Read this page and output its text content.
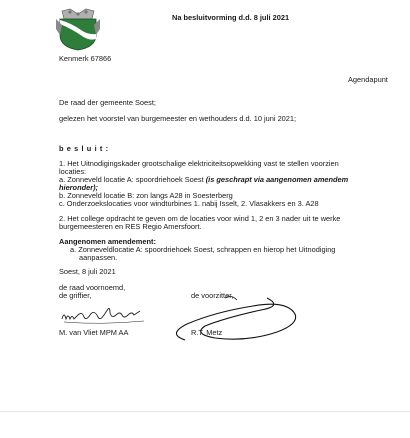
Na besluitvorming d.d. 8 juli 2021
Kenmerk 67866
Agendapunt
De raad der gemeente Soest;
gelezen het voorstel van burgemeester en wethouders d.d. 10 juni 2021;
b e s l u i t :
1. Het Uitnodigingskader grootschalige elektriciteitsopwekking vast te stellen voorzien
locaties:
a. Zonneveld locatie A: spoordriehoek Soest (is geschrapt via aangenomen amendem
hieronder);
b. Zonneveld locatie B: zon langs A28 in Soesterberg
c. Onderzoekslocaties voor windturbines 1. nabij Isselt, 2. Vlasakkers en 3. A28
2. Het college opdracht te geven om de locaties voor wind 1, 2 en 3 nader uit te werke
burgemeesteren en RES Regio Amersfoort.
Aangenomen amendement:
a. Zonneveldlocatie A: spoordriehoek Soest, schrappen en hierop het Uitnodiging
aanpassen.
Soest, 8 juli 2021
de raad voornoemd,
de griffier,	de voorzitter,
M. van Vliet MPM AA	R.T. Metz
